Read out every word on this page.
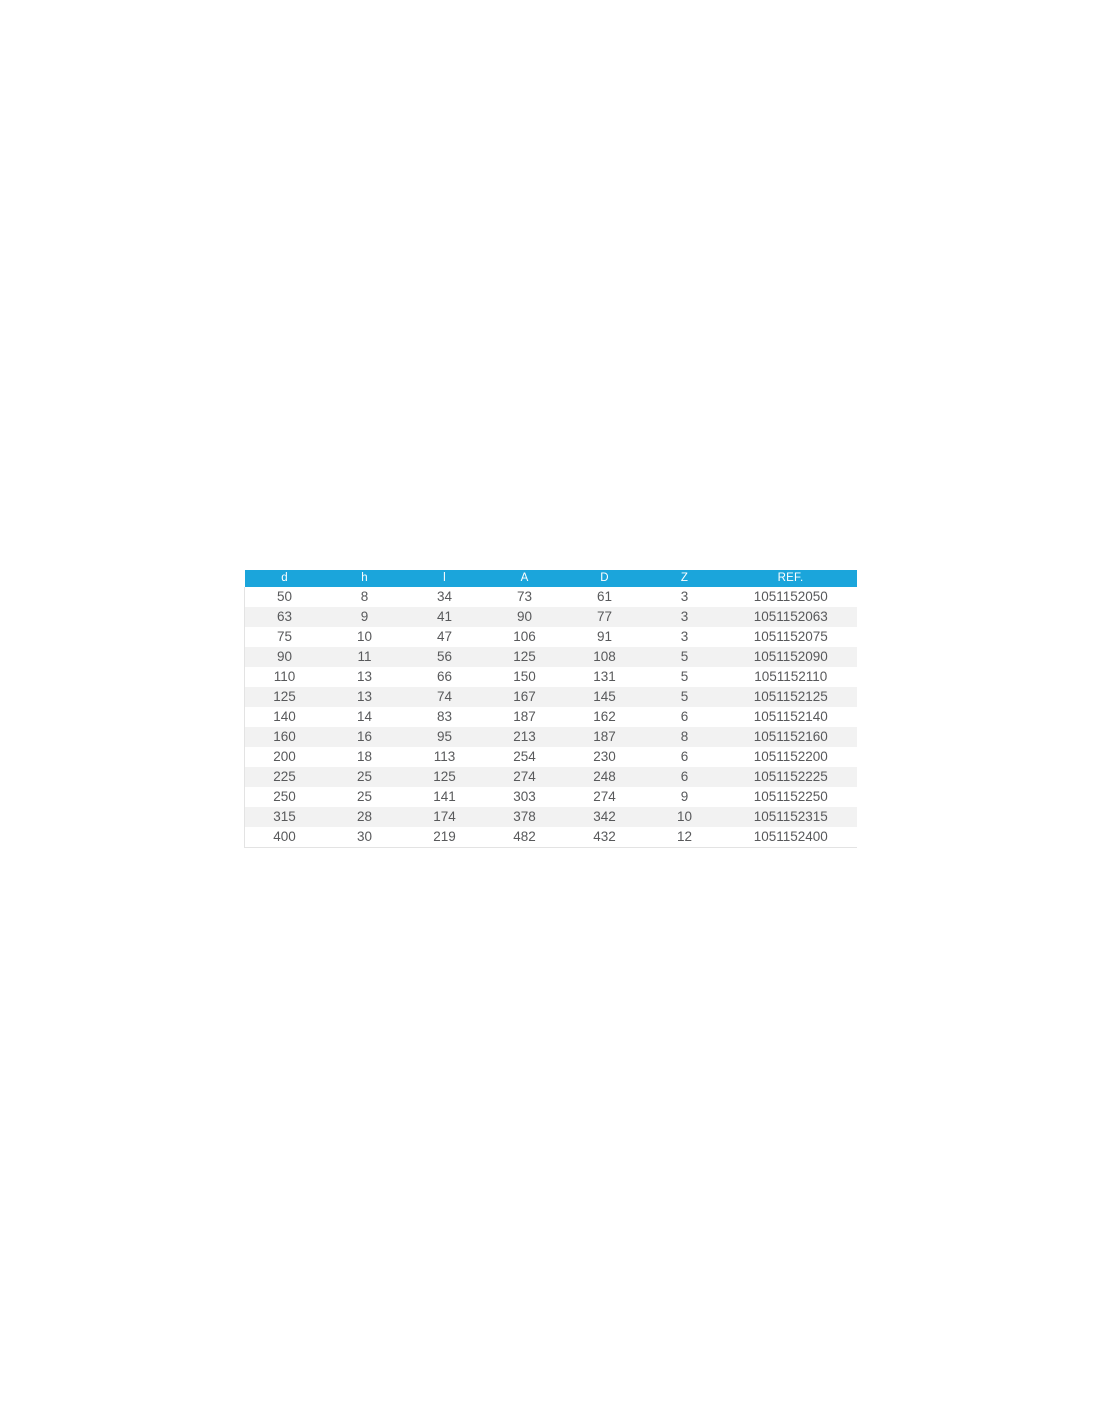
d	h	l	A	D	Z	REF.
50	8	34	73	61	3	1051152050
63	9	41	90	77	3	1051152063
75	10	47	106	91	3	1051152075
90	11	56	125	108	5	1051152090
110	13	66	150	131	5	1051152110
125	13	74	167	145	5	1051152125
140	14	83	187	162	6	1051152140
160	16	95	213	187	8	1051152160
200	18	113	254	230	6	1051152200
225	25	125	274	248	6	1051152225
250	25	141	303	274	9	1051152250
315	28	174	378	342	10	1051152315
400	30	219	482	432	12	1051152400
